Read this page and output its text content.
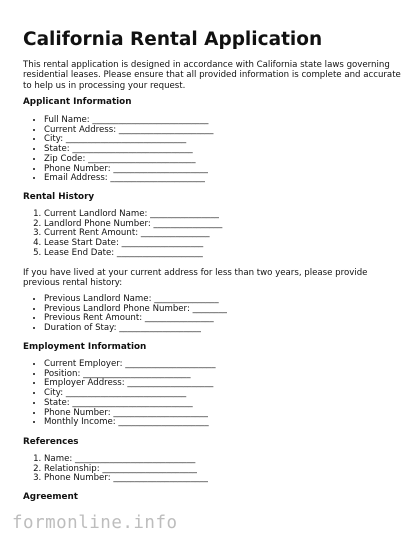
California Rental Application

This rental application is designed in accordance with California state laws governing residential leases. Please ensure that all provided information is complete and accurate to help us in processing your request.

Applicant Information
• Full Name: ___________________________
• Current Address: ______________________
• City: ____________________________
• State: ____________________________
• Zip Code: _________________________
• Phone Number: ______________________
• Email Address: ______________________
Rental History
1. Current Landlord Name: ________________
2. Landlord Phone Number: ________________
3. Current Rent Amount: ________________
4. Lease Start Date: ___________________
5. Lease End Date: ____________________

If you have lived at your current address for less than two years, please provide previous rental history:

• Previous Landlord Name: _______________
• Previous Landlord Phone Number: ________
• Previous Rent Amount: ________________
• Duration of Stay: ___________________
Employment Information
• Current Employer: _____________________
• Position: _________________________
• Employer Address: ____________________
• City: ____________________________
• State: ____________________________
• Phone Number: ______________________
• Monthly Income: _____________________
References
1. Name: ____________________________
2. Relationship: ______________________
3. Phone Number: ______________________
Agreement
formonline.info
